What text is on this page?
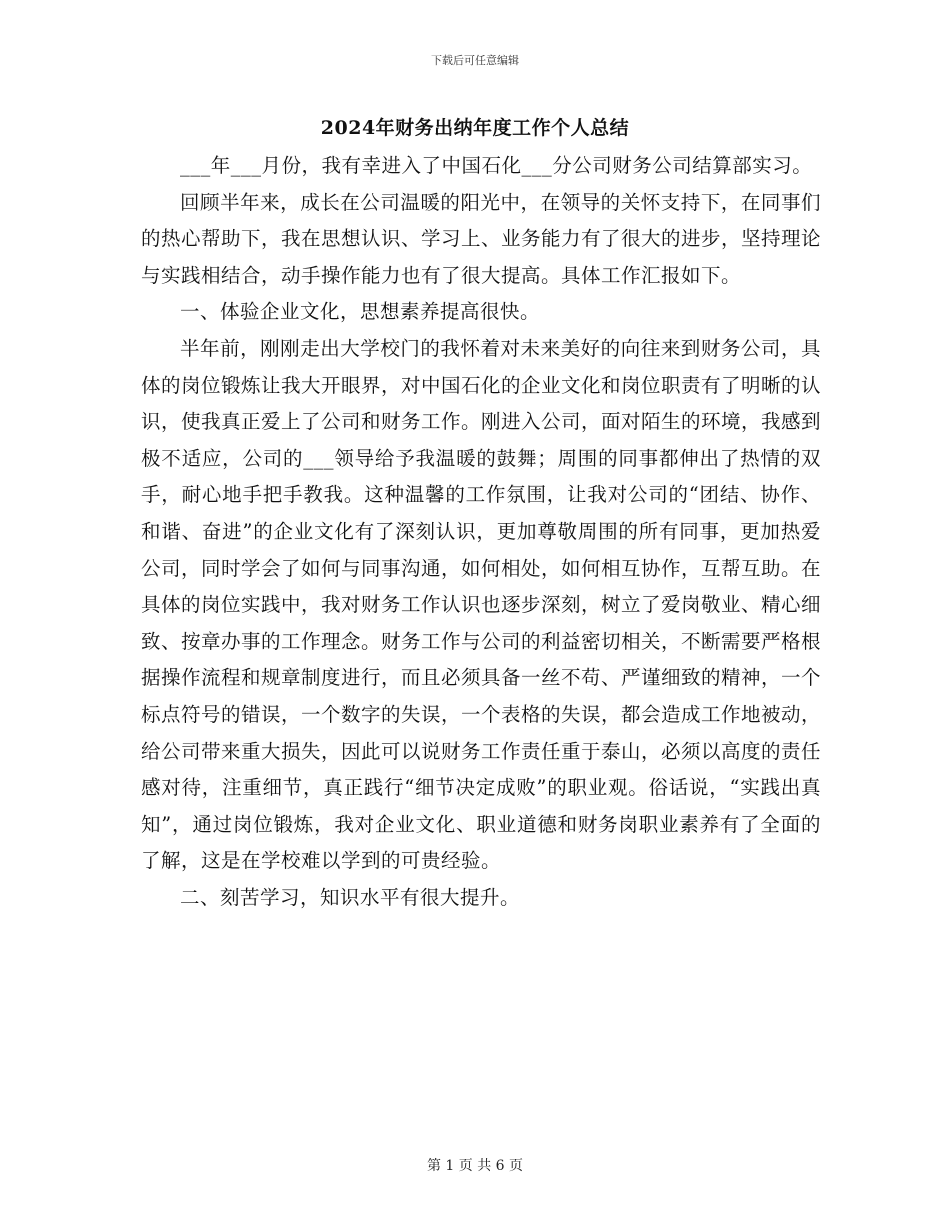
下载后可任意编辑
2024年财务出纳年度工作个人总结

___年___月份，我有幸进入了中国石化___分公司财务公司结算部实习。

回顾半年来，成长在公司温暖的阳光中，在领导的关怀支持下，在同事们的热心帮助下，我在思想认识、学习上、业务能力有了很大的进步，坚持理论与实践相结合，动手操作能力也有了很大提高。具体工作汇报如下。

一、体验企业文化，思想素养提高很快。

半年前，刚刚走出大学校门的我怀着对未来美好的向往来到财务公司，具体的岗位锻炼让我大开眼界，对中国石化的企业文化和岗位职责有了明晰的认识，使我真正爱上了公司和财务工作。刚进入公司，面对陌生的环境，我感到极不适应，公司的___领导给予我温暖的鼓舞；周围的同事都伸出了热情的双手，耐心地手把手教我。这种温馨的工作氛围，让我对公司的“团结、协作、和谐、奋进”的企业文化有了深刻认识，更加尊敬周围的所有同事，更加热爱公司，同时学会了如何与同事沟通，如何相处，如何相互协作，互帮互助。在具体的岗位实践中，我对财务工作认识也逐步深刻，树立了爱岗敬业、精心细致、按章办事的工作理念。财务工作与公司的利益密切相关，不断需要严格根据操作流程和规章制度进行，而且必须具备一丝不苟、严谨细致的精神，一个标点符号的错误，一个数字的失误，一个表格的失误，都会造成工作地被动，给公司带来重大损失，因此可以说财务工作责任重于泰山，必须以高度的责任感对待，注重细节，真正践行“细节决定成败”的职业观。俗话说，“实践出真知”，通过岗位锻炼，我对企业文化、职业道德和财务岗职业素养有了全面的了解，这是在学校难以学到的可贵经验。

二、刻苦学习，知识水平有很大提升。

第 1 页 共 6 页
